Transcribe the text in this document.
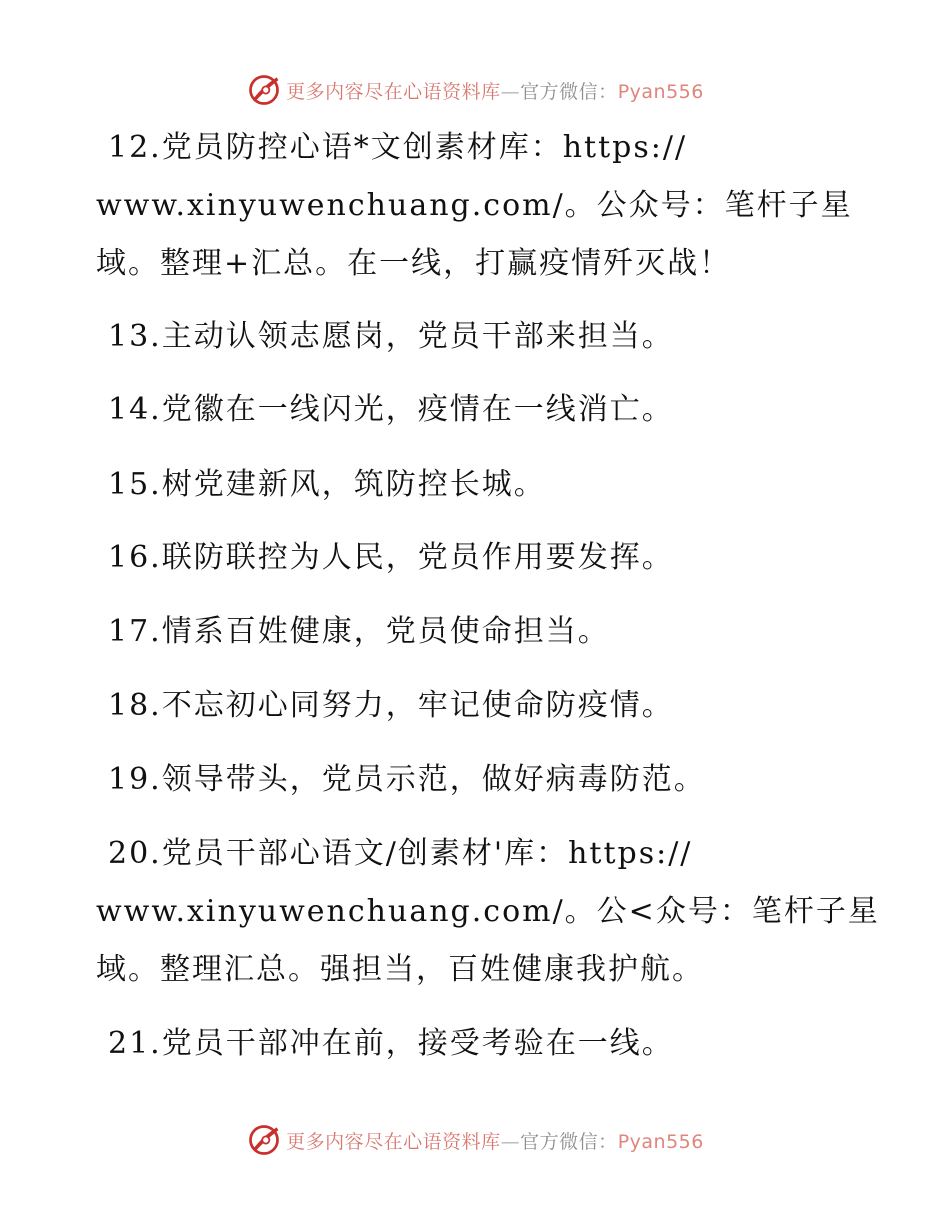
更多内容尽在心语资料库—官方微信：Pyan556
12.党员防控心语*文创素材库：https://
www.xinyuwenchuang.com/。公众号：笔杆子星
域。整理+汇总。在一线，打赢疫情歼灭战！
13.主动认领志愿岗，党员干部来担当。
14.党徽在一线闪光，疫情在一线消亡。
15.树党建新风，筑防控长城。
16.联防联控为人民，党员作用要发挥。
17.情系百姓健康，党员使命担当。
18.不忘初心同努力，牢记使命防疫情。
19.领导带头，党员示范，做好病毒防范。
20.党员干部心语文/创素材'库：https://
www.xinyuwenchuang.com/。公<众号：笔杆子星
域。整理汇总。强担当，百姓健康我护航。
21.党员干部冲在前，接受考验在一线。
更多内容尽在心语资料库—官方微信：Pyan556
